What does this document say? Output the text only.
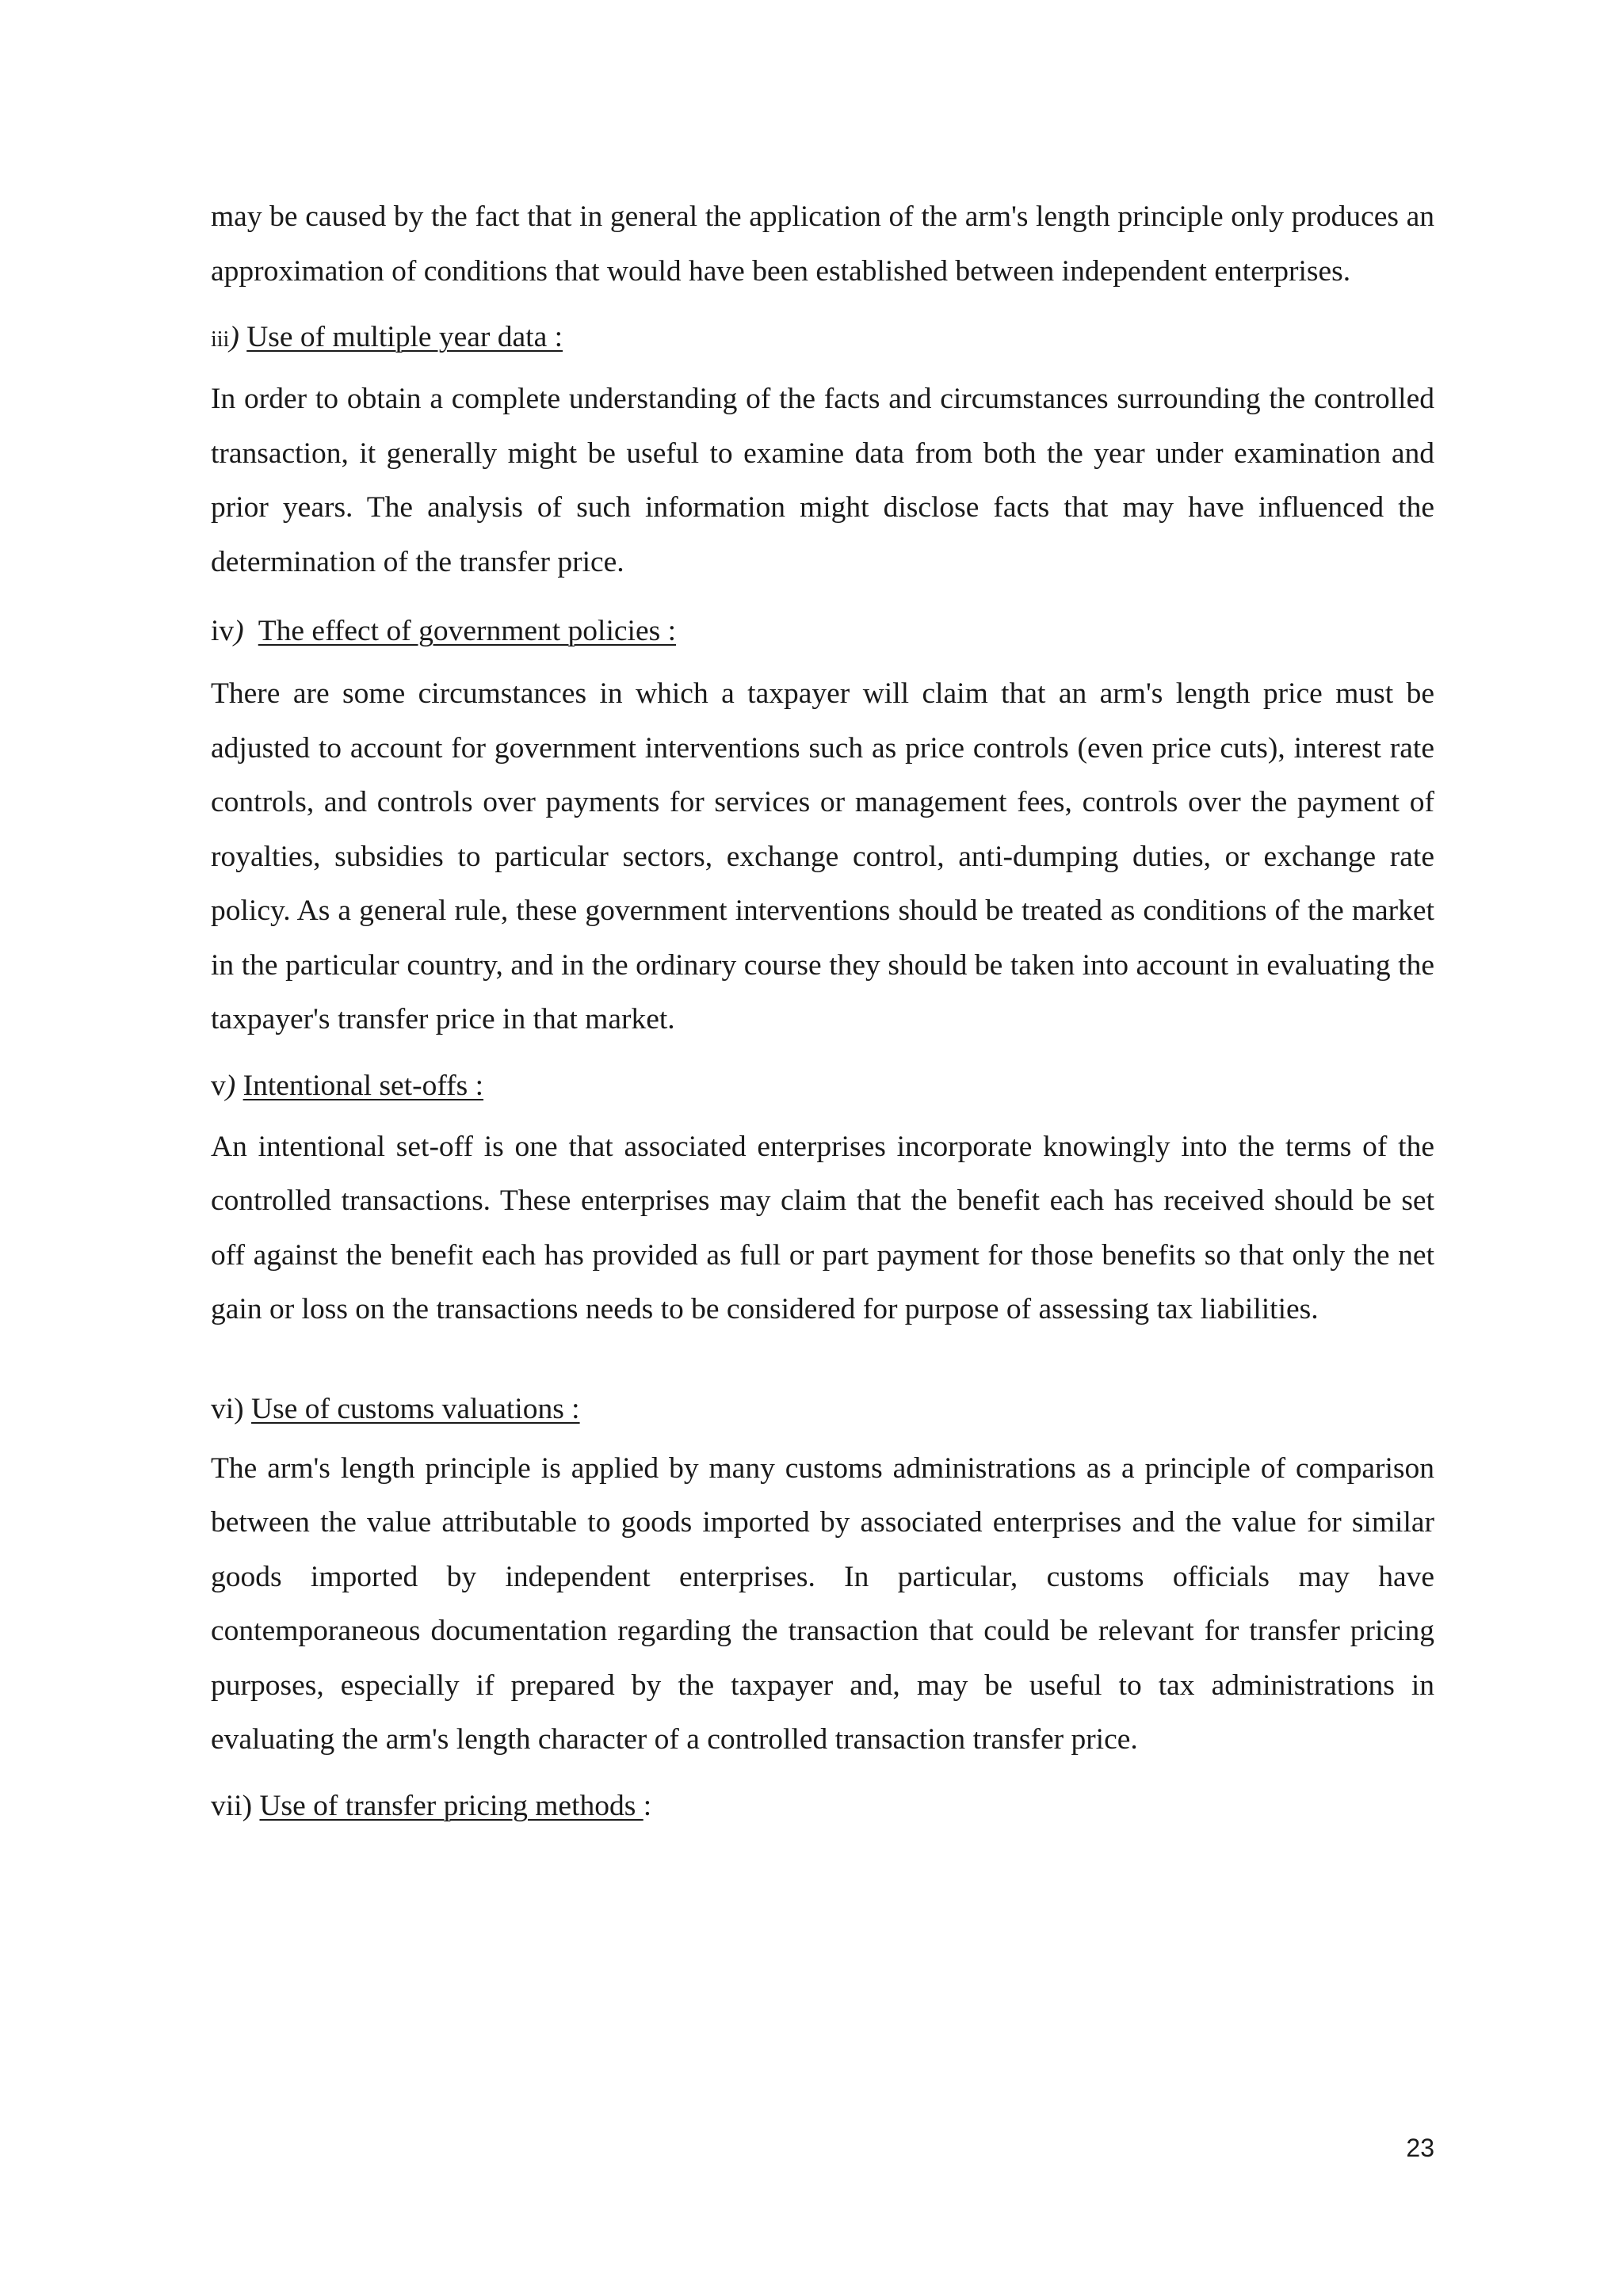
may be caused by the fact that in general the application of the arm's length principle only produces an approximation of conditions that would have been established between independent enterprises.

iii) Use of multiple year data :

In order to obtain a complete understanding of the facts and circumstances surrounding the controlled transaction, it generally might be useful to examine data from both the year under examination and prior years. The analysis of such information might disclose facts that may have influenced the determination of the transfer price.

iv) The effect of government policies :

There are some circumstances in which a taxpayer will claim that an arm's length price must be adjusted to account for government interventions such as price controls (even price cuts), interest rate controls, and controls over payments for services or management fees, controls over the payment of royalties, subsidies to particular sectors, exchange control, anti-dumping duties, or exchange rate policy. As a general rule, these government interventions should be treated as conditions of the market in the particular country, and in the ordinary course they should be taken into account in evaluating the taxpayer's transfer price in that market.

v) Intentional set-offs :

An intentional set-off is one that associated enterprises incorporate knowingly into the terms of the controlled transactions. These enterprises may claim that the benefit each has received should be set off against the benefit each has provided as full or part payment for those benefits so that only the net gain or loss on the transactions needs to be considered for purpose of assessing tax liabilities.

vi) Use of customs valuations :

The arm's length principle is applied by many customs administrations as a principle of comparison between the value attributable to goods imported by associated enterprises and the value for similar goods imported by independent enterprises. In particular, customs officials may have contemporaneous documentation regarding the transaction that could be relevant for transfer pricing purposes, especially if prepared by the taxpayer and, may be useful to tax administrations in evaluating the arm's length character of a controlled transaction transfer price.

vii) Use of transfer pricing methods :

23
